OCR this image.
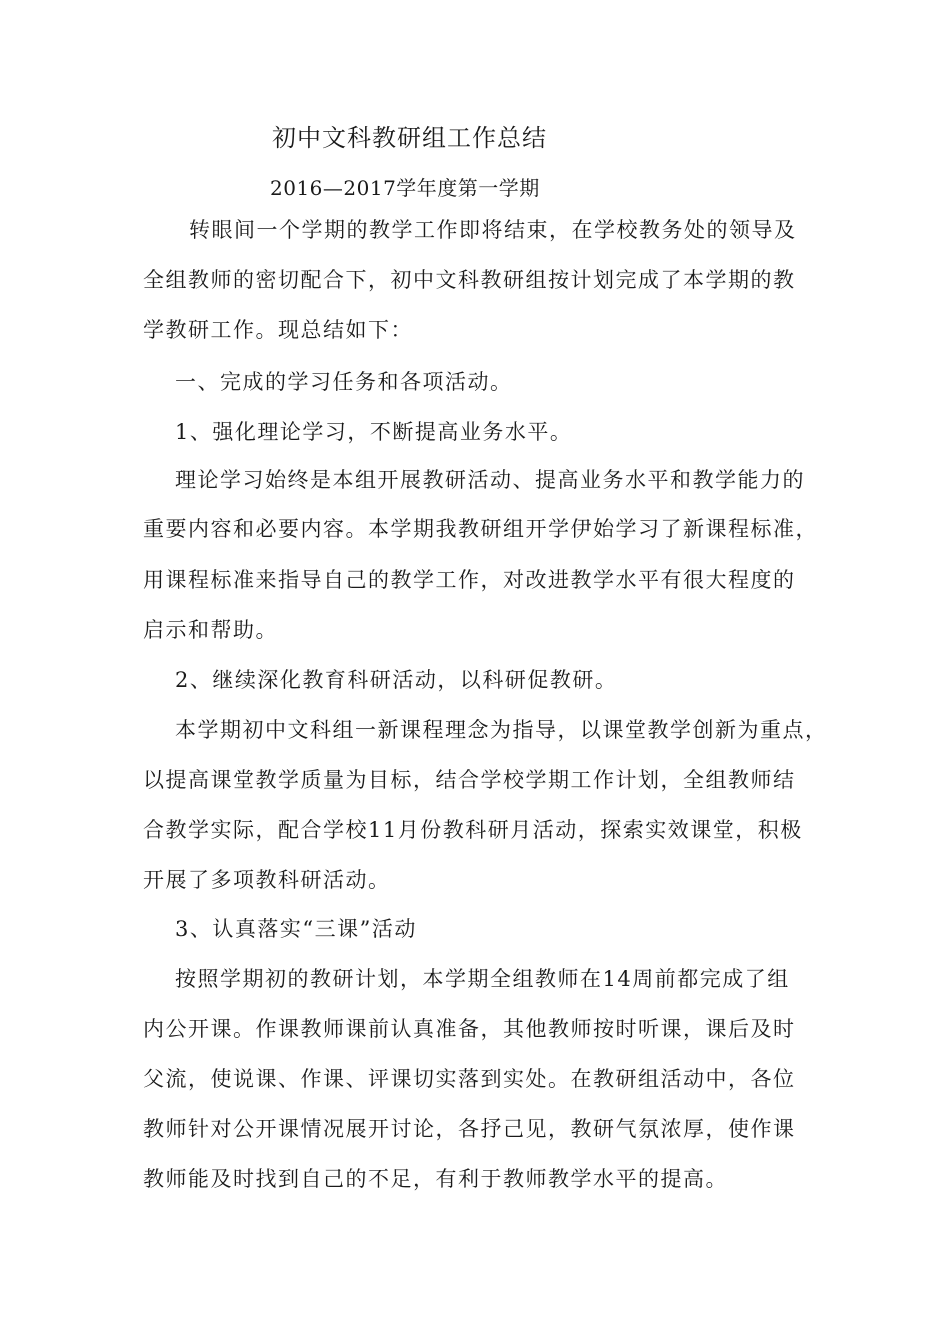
初中文科教研组工作总结
2016—2017学年度第一学期
转眼间一个学期的教学工作即将结束，在学校教务处的领导及
全组教师的密切配合下，初中文科教研组按计划完成了本学期的教
学教研工作。现总结如下：
一、完成的学习任务和各项活动。
1、强化理论学习，不断提高业务水平。
理论学习始终是本组开展教研活动、提高业务水平和教学能力的
重要内容和必要内容。本学期我教研组开学伊始学习了新课程标准，
用课程标准来指导自己的教学工作，对改进教学水平有很大程度的
启示和帮助。
2、继续深化教育科研活动，以科研促教研。
本学期初中文科组一新课程理念为指导，以课堂教学创新为重点，
以提高课堂教学质量为目标，结合学校学期工作计划，全组教师结
合教学实际，配合学校11月份教科研月活动，探索实效课堂，积极
开展了多项教科研活动。
3、认真落实“三课”活动
按照学期初的教研计划，本学期全组教师在14周前都完成了组
内公开课。作课教师课前认真准备，其他教师按时听课，课后及时
父流，使说课、作课、评课切实落到实处。在教研组活动中，各位
教师针对公开课情况展开讨论，各抒己见，教研气氛浓厚，使作课
教师能及时找到自己的不足，有利于教师教学水平的提高。
